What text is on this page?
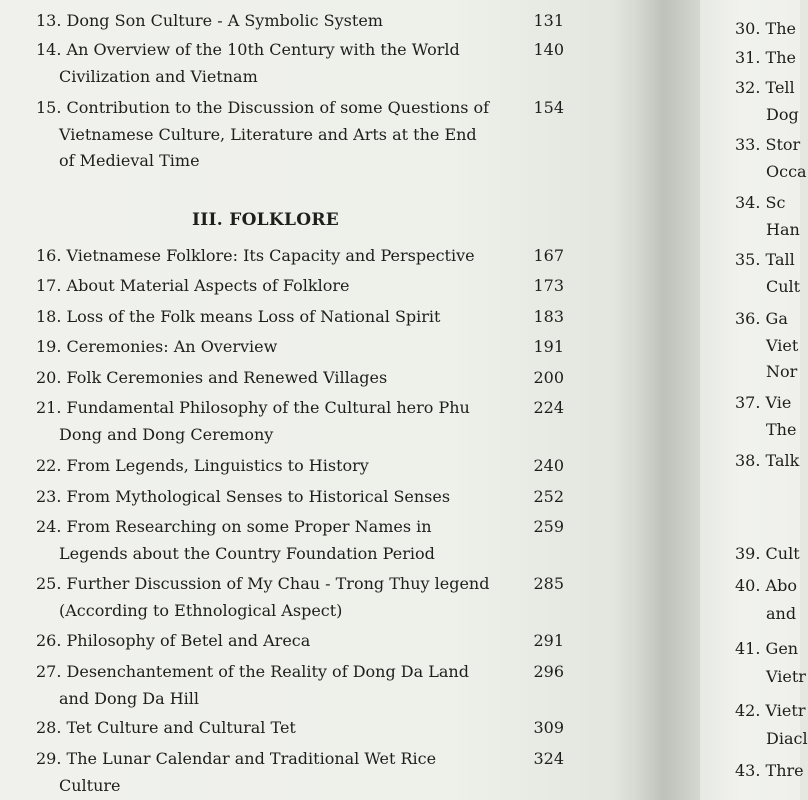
13. Dong Son Culture - A Symbolic System	131
14. An Overview of the 10th Century with the World
Civilization and Vietnam
140
15. Contribution to the Discussion of some Questions of
Vietnamese Culture, Literature and Arts at the End
of Medieval Time
154
III. FOLKLORE
16. Vietnamese Folklore: Its Capacity and Perspective	167
17. About Material Aspects of Folklore	173
18. Loss of the Folk means Loss of National Spirit	183
19. Ceremonies: An Overview	191
20. Folk Ceremonies and Renewed Villages	200
21. Fundamental Philosophy of the Cultural hero Phu
Dong and Dong Ceremony
224
22. From Legends, Linguistics to History	240
23. From Mythological Senses to Historical Senses	252
24. From Researching on some Proper Names in
Legends about the Country Foundation Period
259
25. Further Discussion of My Chau - Trong Thuy legend
(According to Ethnological Aspect)
285
26. Philosophy of Betel and Areca	291
27. Desenchantement of the Reality of Dong Da Land
and Dong Da Hill
296
28. Tet Culture and Cultural Tet	309
29. The Lunar Calendar and Traditional Wet Rice
Culture
324
30. The
31. The
32. Tell
Dog
33. Stor
Occa
34. Sc
Han
35. Tall
Cult
36. Ga
Viet
Nor
37. Vie
The
38. Talk
39. Cult
40. Abo
and
41. Gen
Vietr
42. Vietr
Diacl
43. Thre
